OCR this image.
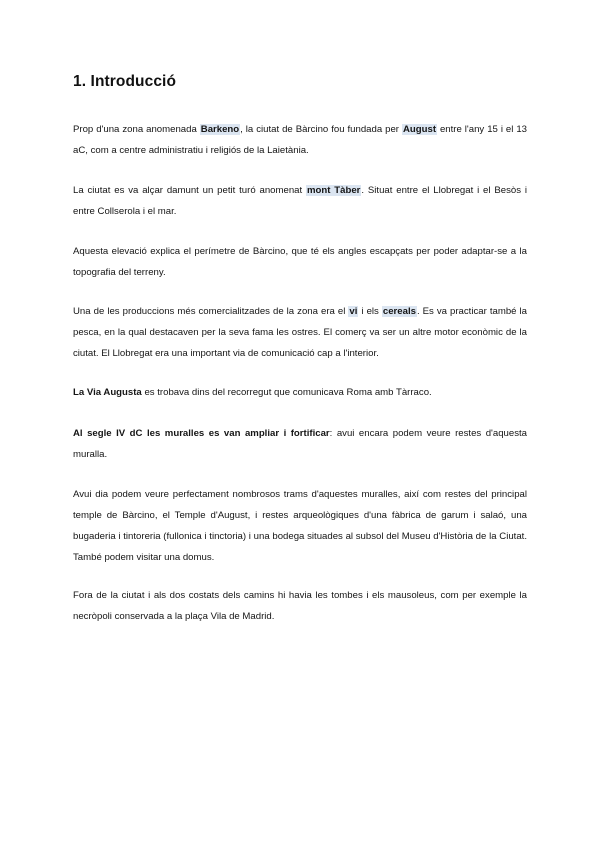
1. Introducció

Prop d'una zona anomenada Barkeno, la ciutat de Bàrcino fou fundada per August entre l'any 15 i el 13 aC, com a centre administratiu i religiós de la Laietània.

La ciutat es va alçar damunt un petit turó anomenat mont Tàber. Situat entre el Llobregat i el Besòs i entre Collserola i el mar.

Aquesta elevació explica el perímetre de Bàrcino, que té els angles escapçats per poder adaptar-se a la topografia del terreny.

Una de les produccions més comercialitzades de la zona era el vi i els cereals. Es va practicar també la pesca, en la qual destacaven per la seva fama les ostres. El comerç va ser un altre motor econòmic de la ciutat. El Llobregat era una important via de comunicació cap a l'interior.

La Via Augusta es trobava dins del recorregut que comunicava Roma amb Tàrraco.

Al segle IV dC les muralles es van ampliar i fortificar: avui encara podem veure restes d'aquesta muralla.

Avui dia podem veure perfectament nombrosos trams d'aquestes muralles, així com restes del principal temple de Bàrcino, el Temple d'August, i restes arqueològiques d'una fàbrica de garum i salaó, una bugaderia i tintoreria (fullonica i tinctoria) i una bodega situades al subsol del Museu d'Història de la Ciutat. També podem visitar una domus.

Fora de la ciutat i als dos costats dels camins hi havia les tombes i els mausoleus, com per exemple la necròpoli conservada a la plaça Vila de Madrid.
